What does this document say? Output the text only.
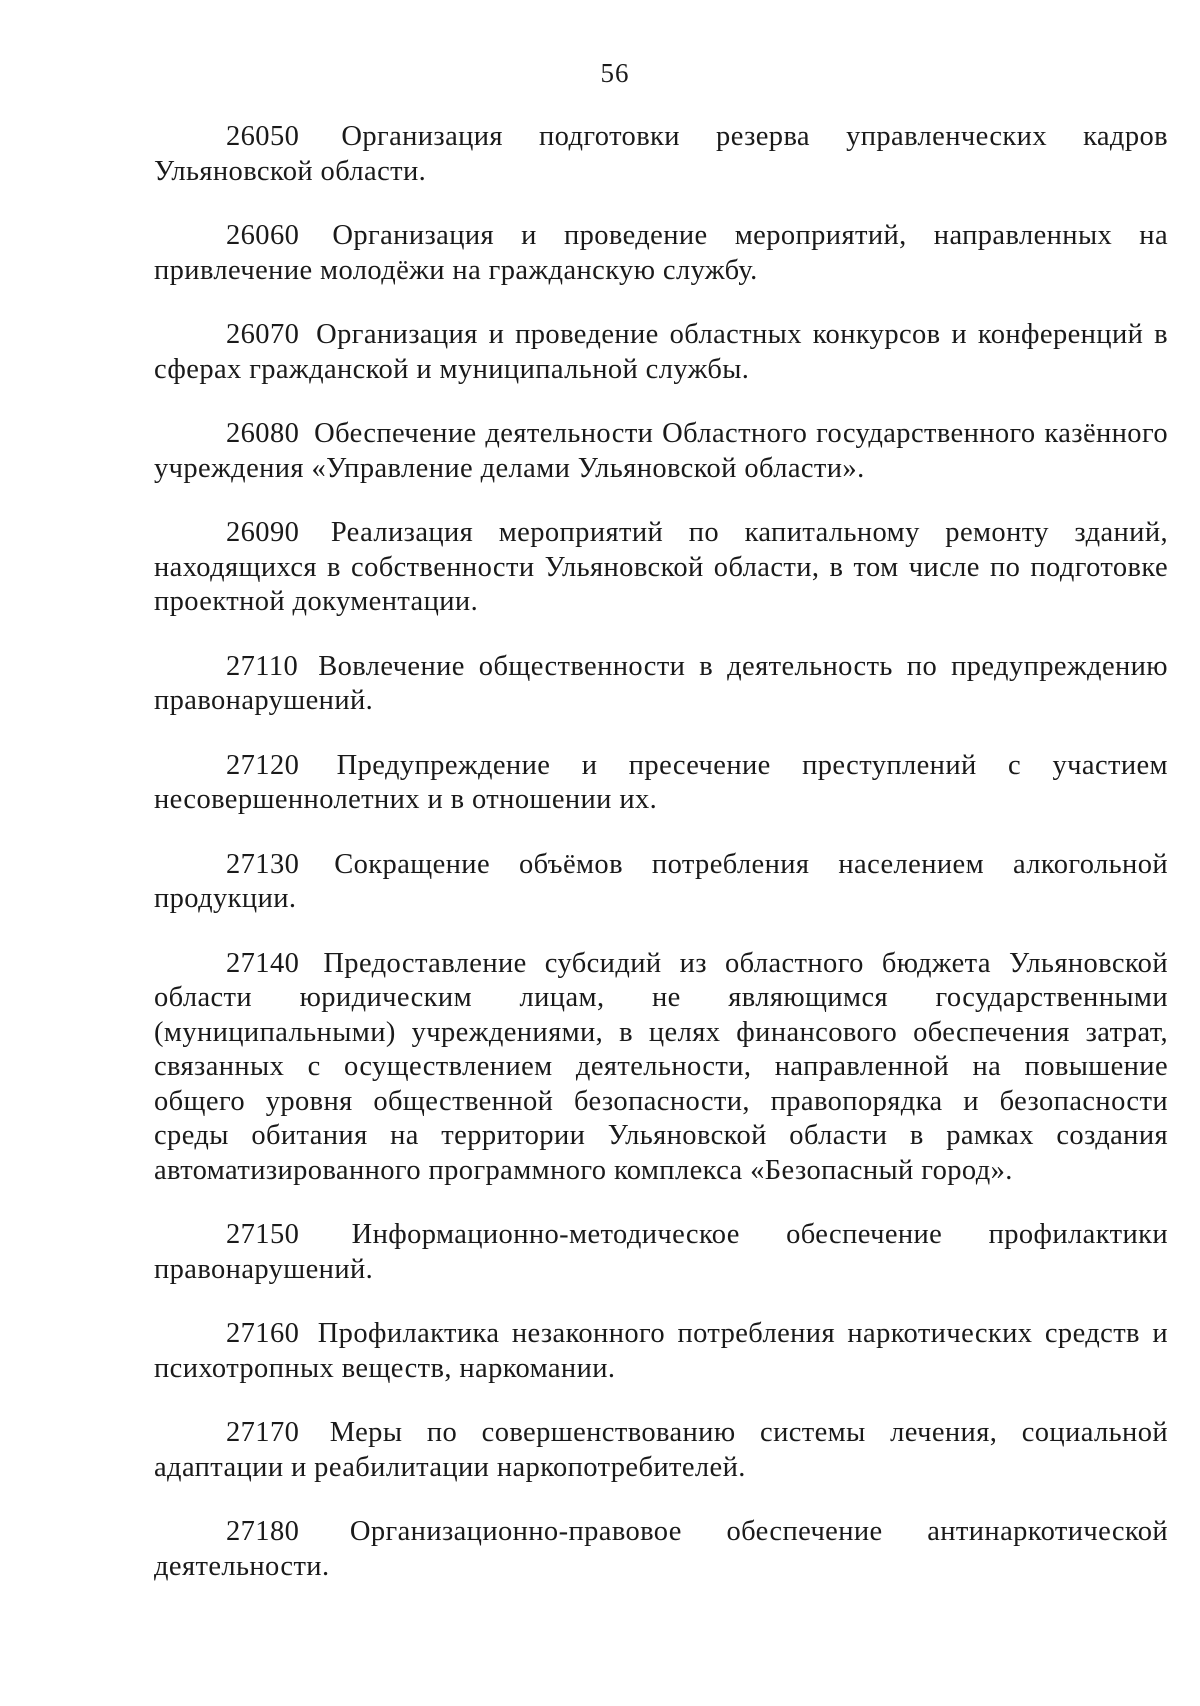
56

26050 Организация подготовки резерва управленческих кадров Ульяновской области.

26060 Организация и проведение мероприятий, направленных на привлечение молодёжи на гражданскую службу.

26070 Организация и проведение областных конкурсов и конференций в сферах гражданской и муниципальной службы.

26080 Обеспечение деятельности Областного государственного казённого учреждения «Управление делами Ульяновской области».

26090 Реализация мероприятий по капитальному ремонту зданий, находящихся в собственности Ульяновской области, в том числе по подготовке проектной документации.

27110 Вовлечение общественности в деятельность по предупреждению правонарушений.

27120 Предупреждение и пресечение преступлений с участием несовершеннолетних и в отношении их.

27130 Сокращение объёмов потребления населением алкогольной продукции.

27140 Предоставление субсидий из областного бюджета Ульяновской области юридическим лицам, не являющимся государственными (муниципальными) учреждениями, в целях финансового обеспечения затрат, связанных с осуществлением деятельности, направленной на повышение общего уровня общественной безопасности, правопорядка и безопасности среды обитания на территории Ульяновской области в рамках создания автоматизированного программного комплекса «Безопасный город».

27150 Информационно-методическое обеспечение профилактики правонарушений.

27160 Профилактика незаконного потребления наркотических средств и психотропных веществ, наркомании.

27170 Меры по совершенствованию системы лечения, социальной адаптации и реабилитации наркопотребителей.

27180 Организационно-правовое обеспечение антинаркотической деятельности.
